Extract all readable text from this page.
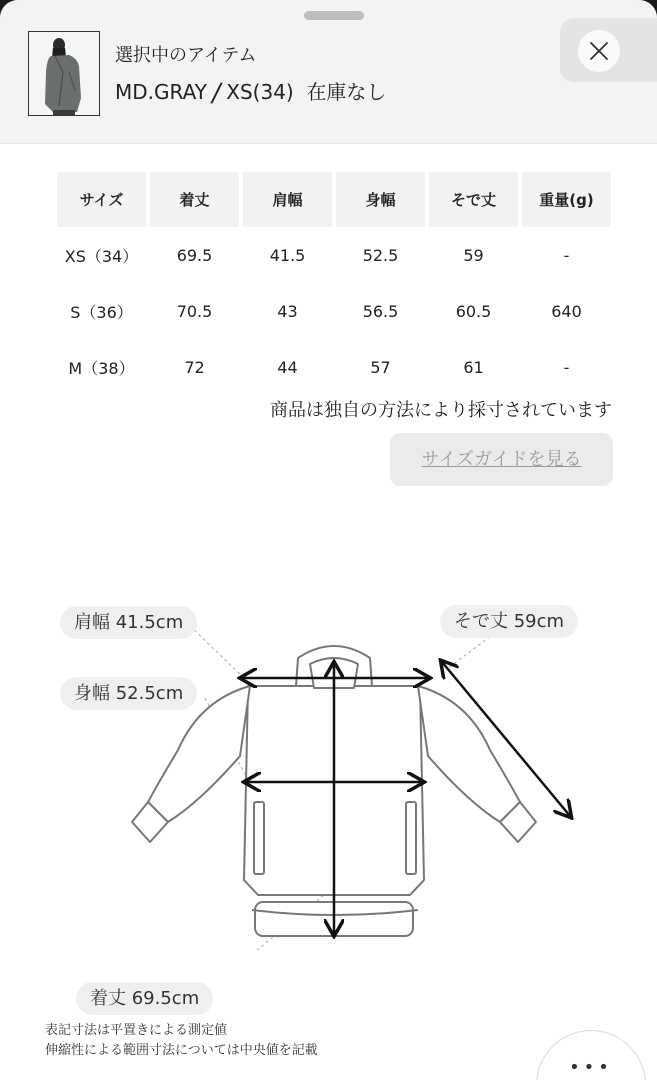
選択中のアイテム
MD.GRAY / XS(34) 在庫なし
サイズ	着丈	肩幅	身幅	そで丈	重量(g)
XS（34）	69.5	41.5	52.5	59	-
S（36）	70.5	43	56.5	60.5	640
M（38）	72	44	57	61	-
商品は独自の方法により採寸されています
サイズガイドを見る
肩幅 41.5cm
身幅 52.5cm
そで丈 59cm
着丈 69.5cm
表記寸法は平置きによる測定値
伸縮性による範囲寸法については中央値を記載
•••
